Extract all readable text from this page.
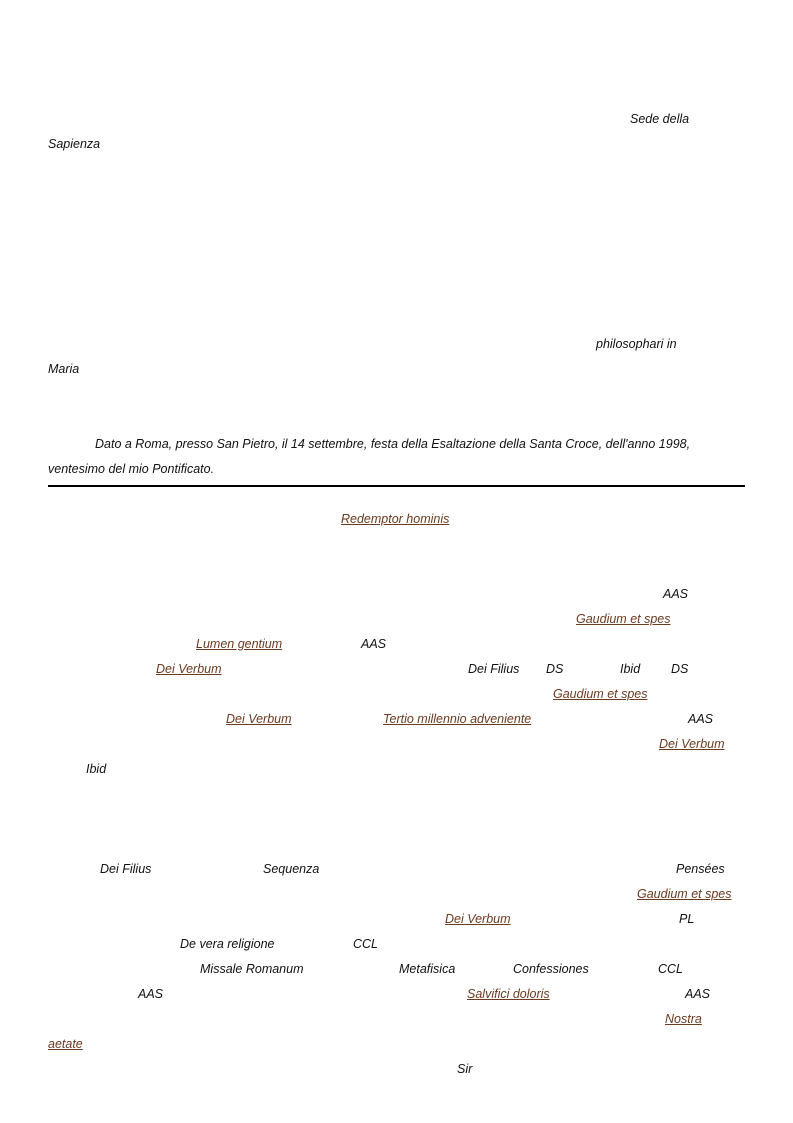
Sede della
Sapienza
philosophari in
Maria
Dato a Roma, presso San Pietro, il 14 settembre, festa della Esaltazione della Santa Croce, dell'anno 1998,
ventesimo del mio Pontificato.
Redemptor hominis
AAS
Gaudium et spes
Lumen gentium	AAS
Dei Verbum	Dei Filius DS	Ibid DS
Gaudium et spes
Dei Verbum	Tertio millennio adveniente	AAS
Dei Verbum
Ibid
Dei Filius	Sequenza	Pensées
Gaudium et spes
Dei Verbum	PL
De vera religione	CCL
Missale Romanum	Metafisica	Confessiones	CCL
AAS	Salvifici doloris	AAS
Nostra
aetate
Sir
